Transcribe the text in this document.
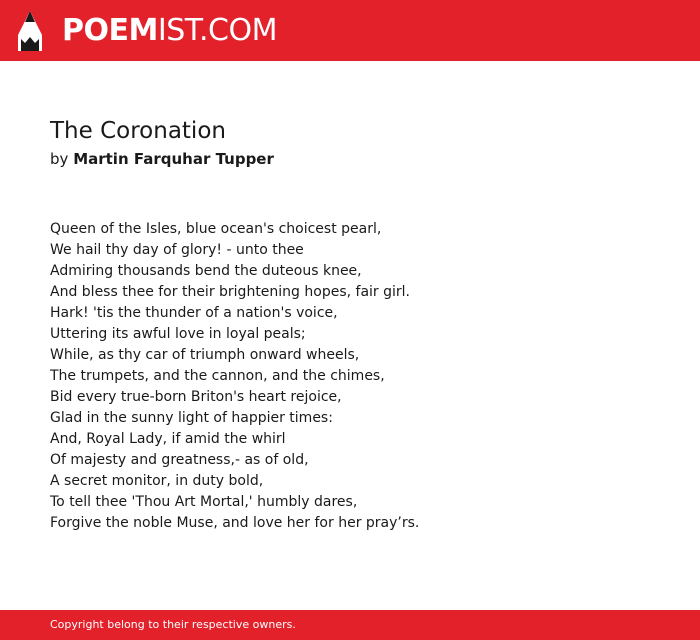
POEMIST.COM
The Coronation
by Martin Farquhar Tupper
Queen of the Isles, blue ocean's choicest pearl,
We hail thy day of glory! - unto thee
Admiring thousands bend the duteous knee,
And bless thee for their brightening hopes, fair girl.
Hark! 'tis the thunder of a nation's voice,
Uttering its awful love in loyal peals;
While, as thy car of triumph onward wheels,
The trumpets, and the cannon, and the chimes,
Bid every true-born Briton's heart rejoice,
Glad in the sunny light of happier times:
And, Royal Lady, if amid the whirl
Of majesty and greatness,- as of old,
A secret monitor, in duty bold,
To tell thee 'Thou Art Mortal,' humbly dares,
Forgive the noble Muse, and love her for her pray’rs.
Copyright belong to their respective owners.
